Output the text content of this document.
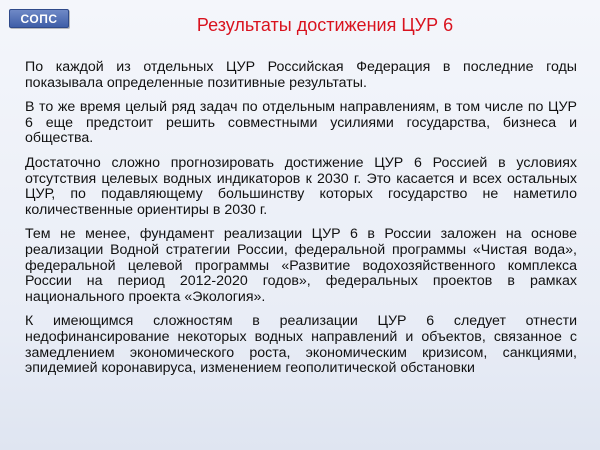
СОПС	Результаты достижения ЦУР 6

По каждой из отдельных ЦУР Российская Федерация в последние годы показывала определенные позитивные результаты.

В то же время целый ряд задач по отдельным направлениям, в том числе по ЦУР 6 еще предстоит решить совместными усилиями государства, бизнеса и общества.

Достаточно сложно прогнозировать достижение ЦУР 6 Россией в условиях отсутствия целевых водных индикаторов к 2030 г. Это касается и всех остальных ЦУР, по подавляющему большинству которых государство не наметило количественные ориентиры в 2030 г.

Тем не менее, фундамент реализации ЦУР 6 в России заложен на основе реализации Водной стратегии России, федеральной программы «Чистая вода», федеральной целевой программы «Развитие водохозяйственного комплекса России на период 2012-2020 годов», федеральных проектов в рамках национального проекта «Экология».

К имеющимся сложностям в реализации ЦУР 6 следует отнести недофинансирование некоторых водных направлений и объектов, связанное с замедлением экономического роста, экономическим кризисом, санкциями, эпидемией коронавируса, изменением геополитической обстановки
